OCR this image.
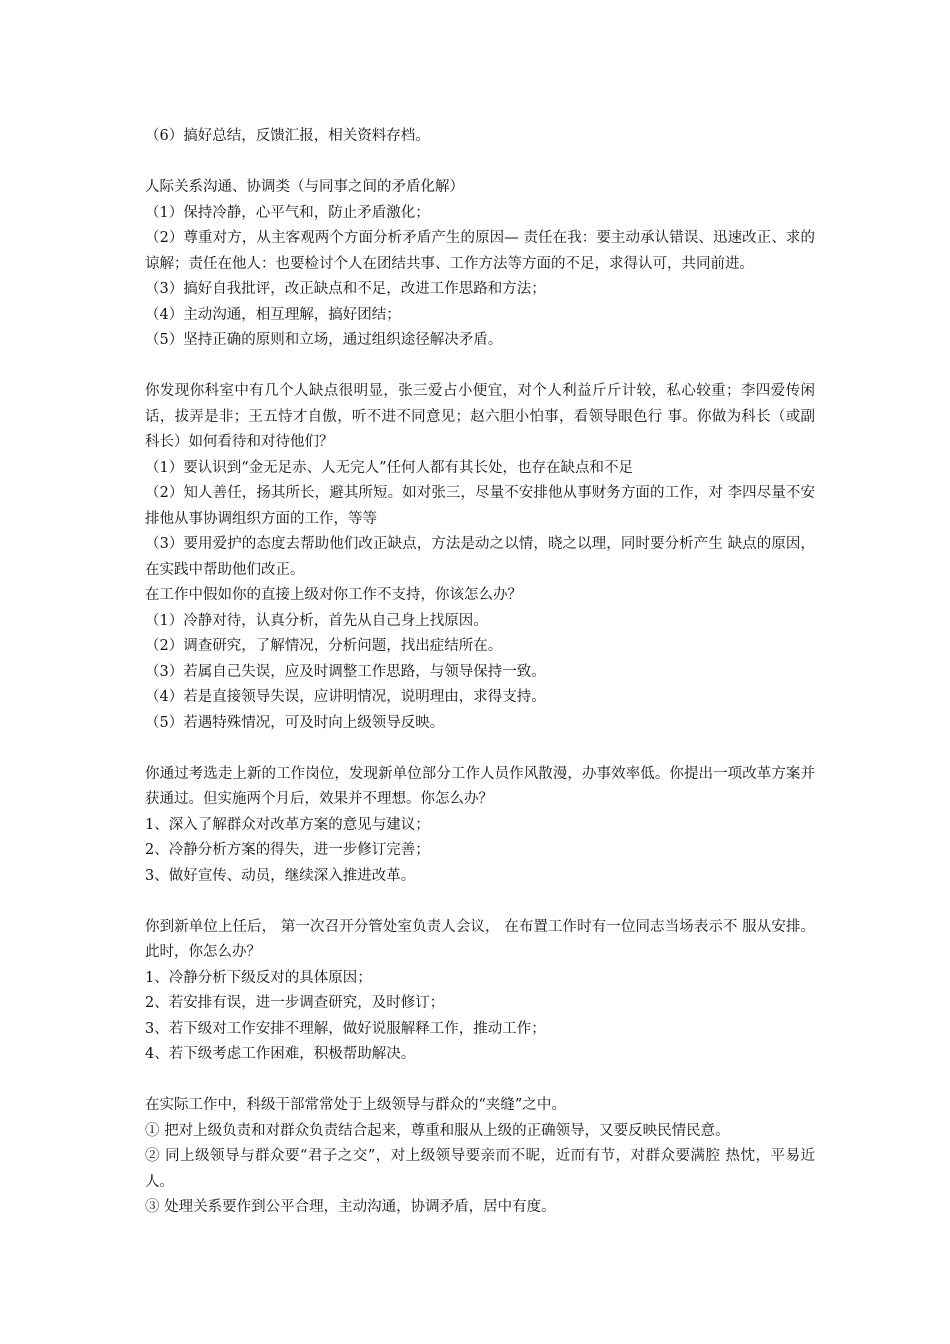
（6）搞好总结，反馈汇报，相关资料存档。

人际关系沟通、协调类（与同事之间的矛盾化解）

（1）保持冷静，心平气和，防止矛盾激化；

（2）尊重对方，从主客观两个方面分析矛盾产生的原因— 责任在我：要主动承认错误、迅速改正、求的谅解；责任在他人：也要检讨个人在团结共事、工作方法等方面的不足，求得认可，共同前进。

（3）搞好自我批评，改正缺点和不足，改进工作思路和方法；

（4）主动沟通，相互理解，搞好团结；

（5）坚持正确的原则和立场，通过组织途径解决矛盾。

你发现你科室中有几个人缺点很明显，张三爱占小便宜，对个人利益斤斤计较，私心较重；李四爱传闲话，拔弄是非；王五恃才自傲，听不进不同意见；赵六胆小怕事，看领导眼色行 事。你做为科长（或副科长）如何看待和对待他们？

（1）要认识到“金无足赤、人无完人”任何人都有其长处，也存在缺点和不足

（2）知人善任，扬其所长，避其所短。如对张三，尽量不安排他从事财务方面的工作，对 李四尽量不安排他从事协调组织方面的工作，等等

（3）要用爱护的态度去帮助他们改正缺点，方法是动之以情，晓之以理，同时要分析产生 缺点的原因，在实践中帮助他们改正。

在工作中假如你的直接上级对你工作不支持，你该怎么办？

（1）冷静对待，认真分析，首先从自己身上找原因。

（2）调查研究，了解情况，分析问题，找出症结所在。

（3）若属自己失误，应及时调整工作思路，与领导保持一致。

（4）若是直接领导失误，应讲明情况，说明理由，求得支持。

（5）若遇特殊情况，可及时向上级领导反映。

你通过考选走上新的工作岗位，发现新单位部分工作人员作风散漫，办事效率低。你提出一项改革方案并获通过。但实施两个月后，效果并不理想。你怎么办？

1、深入了解群众对改革方案的意见与建议；

2、冷静分析方案的得失，进一步修订完善；

3、做好宣传、动员，继续深入推进改革。

你到新单位上任后， 第一次召开分管处室负责人会议， 在布置工作时有一位同志当场表示不 服从安排。此时，你怎么办？

1、冷静分析下级反对的具体原因；

2、若安排有误，进一步调查研究，及时修订；

3、若下级对工作安排不理解，做好说服解释工作，推动工作；

4、若下级考虑工作困难，积极帮助解决。

在实际工作中，科级干部常常处于上级领导与群众的“夹缝”之中。

① 把对上级负责和对群众负责结合起来，尊重和服从上级的正确领导，又要反映民情民意。

② 同上级领导与群众要“君子之交”，对上级领导要亲而不昵，近而有节，对群众要满腔 热忱，平易近人。

③ 处理关系要作到公平合理，主动沟通，协调矛盾，居中有度。
